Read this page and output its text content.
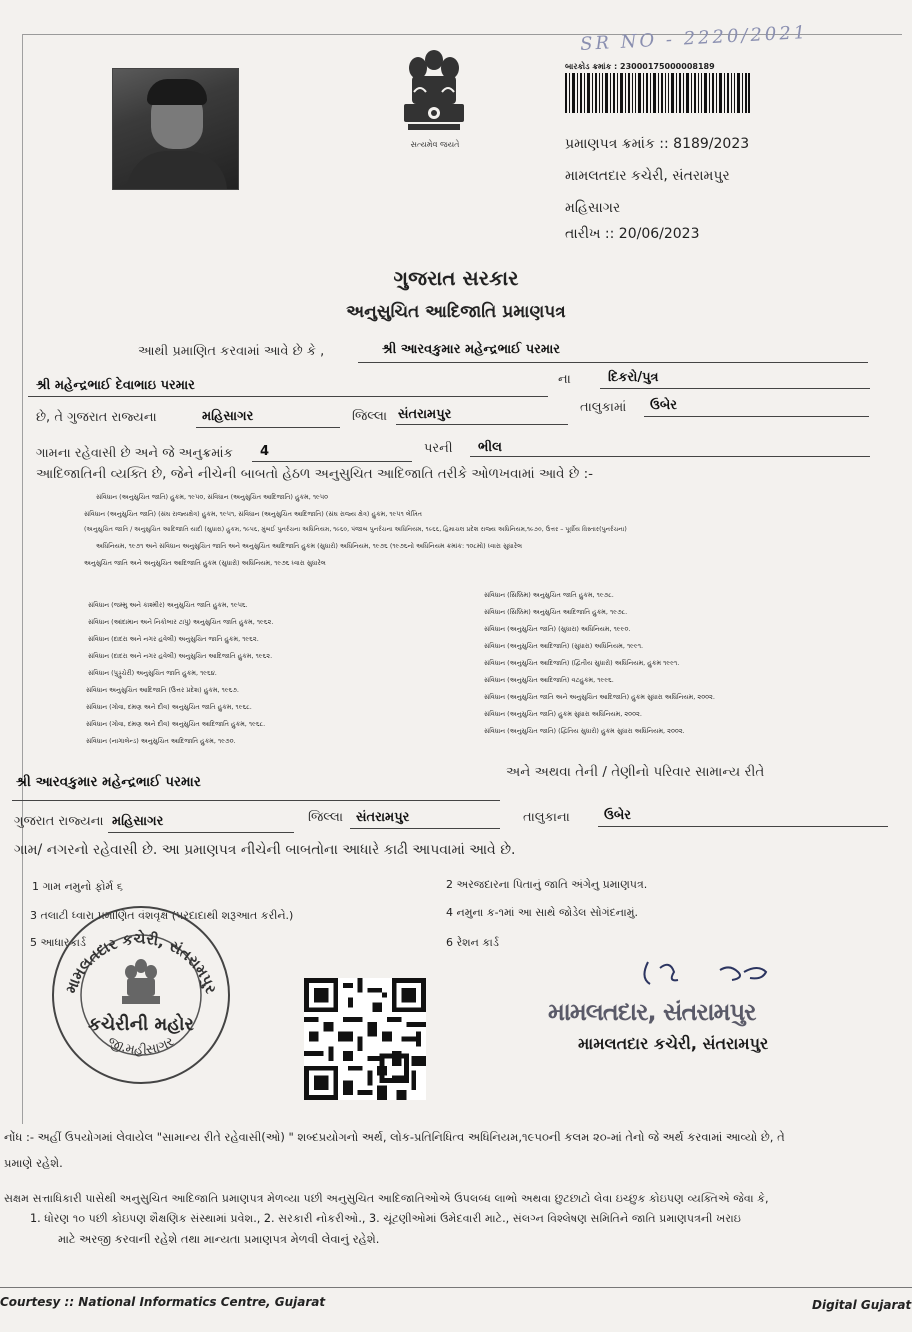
સત્યમેવ જયતે
SR NO - 2220/2021
બારકોડ ક્રમાંક : 23000175000008189
પ્રમાણપત્ર ક્રમાંક :: 8189/2023
મામલતદાર કચેરી, સંતરામપુર
મહિસાગર
તારીખ :: 20/06/2023
ગુજરાત સરકાર
અનુસુચિત આદિજાતિ પ્રમાણપત્ર
આથી પ્રમાણિત કરવામાં આવે છે કે ,	શ્રી આરવકુમાર મહેન્દ્રભાઈ પરમાર
શ્રી મહેન્દ્રભાઈ દેવાભાઇ પરમાર	ના	દિકરો/પુત્ર
છે, તે ગુજરાત રાજ્યના	મહિસાગર	જિલ્લા સંતરામપુર	તાલુકામાં ઉબેર
ગામના રહેવાસી છે અને જે અનુક્રમાંક 4	પરની ભીલ
આદિજાતિની વ્યક્તિ છે, જેને નીચેની બાબતો હેઠળ અનુસુચિત આદિજાતિ તરીકે ઓળખવામાં આવે છે :-
સંવિધાન (અનુસુચિત જાતિ) હુકમ, ૧૯૫૦, સંવિધાન (અનુસુચિત આદિજાતિ) હુકમ, ૧૯૫૦
સંવિધાન (અનુસુચિત જાતિ) (સંઘ રાજ્યક્ષેત્ર) હુકમ, ૧૯૫૧, સંવિધાન (અનુસુચિત આદિજાતિ) (સંઘ રાજ્ય ક્ષેત્ર) હુકમ, ૧૯૫૧ લેખિત
(અનુસુચિત જાતિ / અનુસુચિત આદિજાતિ યાદી (સુધારા) હુકમ, ૧૯૫૬, મુંબઈ પુનર્રચના અધિનિયમ, ૧૯૬૦, પંજાબ પુનર્રચના અધિનિયમ, ૧૯૬૬, હિમાચલ પ્રદેશ રાજ્ય અધિનિયમ,૧૯૭૦, ઉત્તર – પૂર્વીય વિસ્તાર(પુનર્રચના)
અધિનિયમ, ૧૯૭૧ અને સંવિધાન અનુસુચિત જાતિ અને અનુસુચિત આદિજાતિ હુકમ (સુધારો) અધિનિયમ, ૧૯૭૬ (૧૯૭૬નો અધિનિયમ ક્રમાંક: ૧૦૮મો) ધ્વારા સુધારેલ
અનુસુચિત જાતિ અને અનુસુચિત આદિજાતિ હુકમ (સુધારો) અધિનિયમ, ૧૯૭૬ ધ્વારા સુધારેલ
સંવિધાન (જમ્મુ અને કાશ્મીર) અનુસુચિત જાતિ હુકમ, ૧૯૫૬.
સંવિધાન (આંદામાન અને નિકોબાર ટાપુ) અનુસુચિત જાતિ હુકમ, ૧૯૬૨.
સંવિધાન (દાદરા અને નગર હવેલી) અનુસુચિત જાતિ હુકમ, ૧૯૬૨.
સંવિધાન (દાદરા અને નગર હવેલી) અનુસુચિત આદિજાતિ હુકમ, ૧૯૬૨.
સંવિધાન (પુડ્ડુચેરી) અનુસુચિત જાતિ હુકમ, ૧૯૬૪.
સંવિધાન અનુસુચિત આદિજાતિ (ઉત્તર પ્રદેશ) હુકમ, ૧૯૬૭.
સંવિધાન (ગોવા, દમણ અને દીવ) અનુસુચિત જાતિ હુકમ, ૧૯૬૮.
સંવિધાન (ગોવા, દમણ અને દીવ) અનુસુચિત આદિજાતિ હુકમ, ૧૯૬૮.
સંવિધાન (નાગાલેન્ડ) અનુસુચિત આદિજાતિ હુકમ, ૧૯૭૦.
સંવિધાન (સિક્કિમ) અનુસુચિત જાતિ હુકમ, ૧૯૭૮.
સંવિધાન (સિક્કિમ) અનુસુચિત આદિજાતિ હુકમ, ૧૯૭૮.
સંવિધાન (અનુસુચિત જાતિ) (સુધારા) અધિનિયમ, ૧૯૯૦.
સંવિધાન (અનુસુચિત આદિજાતિ) (સુધારા) અધિનિયમ, ૧૯૯૧.
સંવિધાન (અનુસુચિત આદિજાતિ) (દ્વિતીય સુધારો) અધિનિયમ, હુકમ ૧૯૯૧.
સંવિધાન (અનુસુચિત આદિજાતિ) વટહુકમ, ૧૯૯૬.
સંવિધાન (અનુસુચિત જાતિ અને અનુસુચિત આદિજાતિ) હુકમ સુધારા અધિનિયમ, ૨૦૦૨.
સંવિધાન (અનુસુચિત જાતિ) હુકમ સુધારા અધિનિયમ, ૨૦૦૨.
સંવિધાન (અનુસુચિત જાતિ) (દ્વિતિય સુધારો) હુકમ સુધારા અધિનિયમ, ૨૦૦૨.
શ્રી આરવકુમાર મહેન્દ્રભાઈ પરમાર
અને અથવા તેની / તેણીનો પરિવાર સામાન્ય રીતે
ગુજરાત રાજ્યના મહિસાગર	જિલ્લા સંતરામપુર	તાલુકાના	ઉબેર
ગામ/ નગરનો રહેવાસી છે. આ પ્રમાણપત્ર નીચેની બાબતોના આધારે કાઢી આપવામાં આવે છે.
1 ગામ નમુનો ફોર્મ ૬	2 અરજદારના પિતાનું જાતિ અંગેનુ પ્રમાણપત્ર.
3 તલાટી ધ્વારા પ્રમાણિત વંશવૃક્ષ (પરદાદાથી શરૂઆત કરીને.)	4 નમુના ક-૧માં આ સાથે જોડેલ સોગંદનામું.
5 આધારકાર્ડ	6 રેશન કાર્ડ
મામલતદાર કચેરી, સંતરામપુર
કચેરીની મહોર
જી.મહીસાગર
મામલતદાર, સંતરામપુર
મામલતદાર કચેરી, સંતરામપુર
નોંધ :- અહીં ઉપયોગમાં લેવાયેલ "સામાન્ય રીતે રહેવાસી(ઓ) " શબ્દપ્રયોગનો અર્થ, લોક-પ્રતિનિધિત્વ અધિનિયમ,૧૯૫૦ની કલમ ૨૦-માં તેનો જે અર્થ કરવામાં આવ્યો છે, તે
પ્રમાણે રહેશે.
સક્ષમ સત્તાધિકારી પાસેથી અનુસુચિત આદિજાતિ પ્રમાણપત્ર મેળવ્યા પછી અનુસુચિત આદિજાતિઓએ ઉપલબ્ધ લાભો અથવા છુટછાટો લેવા ઇચ્છુક કોઇપણ વ્યક્તિએ જેવા કે,
1. ધોરણ ૧૦ પછી કોઇપણ શૈક્ષણિક સંસ્થામાં પ્રવેશ., 2. સરકારી નોકરીઓ., 3. ચૂંટણીઓમાં ઉમેદવારી માટે., સંલગ્ન વિશ્લેષણ સમિતિને જાતિ પ્રમાણપત્રની ખરાઇ
માટે અરજી કરવાની રહેશે તથા માન્યતા પ્રમાણપત્ર મેળવી લેવાનું રહેશે.
Courtesy :: National Informatics Centre, Gujarat	Digital Gujarat
